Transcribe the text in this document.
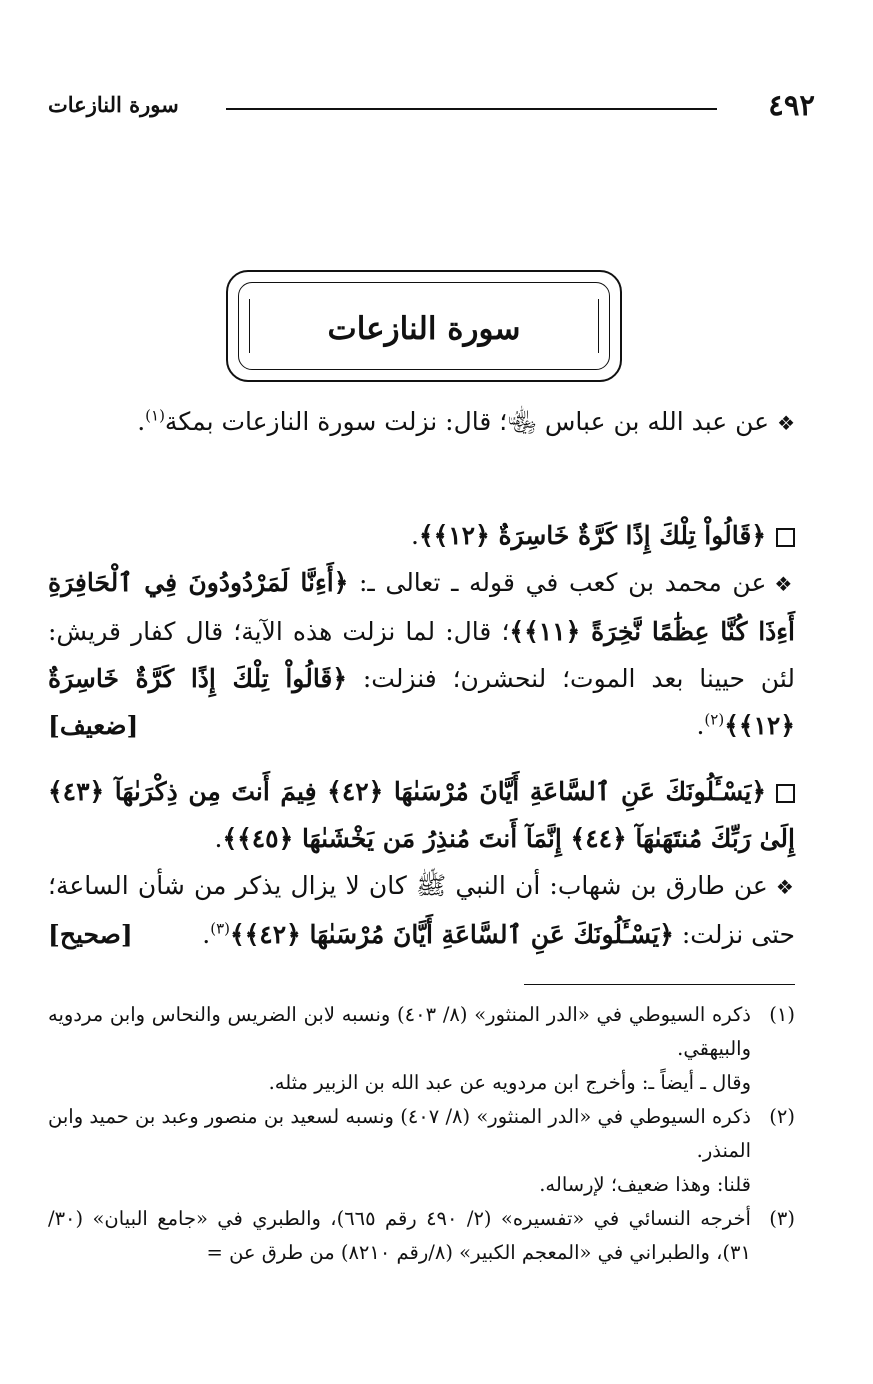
سورة النازعات	٤٩٢
سورة النازعات

❖عن عبد الله بن عباس ﵄؛ قال: نزلت سورة النازعات بمكة$^{(١)}$.

﴿قَالُواْ تِلْكَ إِذًا كَرَّةٌ خَاسِرَةٌ ﴿١٢﴾﴾.

❖عن محمد بن كعب في قوله ـ تعالى ـ: ﴿أَءِنَّا لَمَرْدُودُونَ فِي ٱلْحَافِرَةِ أَءِذَا كُنَّا عِظَٰمًا نَّخِرَةً ﴿١١﴾﴾؛ قال: لما نزلت هذه الآية؛ قال كفار قريش: لئن حيينا بعد الموت؛ لنحشرن؛ فنزلت: ﴿قَالُواْ تِلْكَ إِذًا كَرَّةٌ خَاسِرَةٌ ﴿١٢﴾﴾$^{(٢)}$.
[ضعيف]

﴿يَسْـَٔلُونَكَ عَنِ ٱلسَّاعَةِ أَيَّانَ مُرْسَىٰهَا ﴿٤٢﴾ فِيمَ أَنتَ مِن ذِكْرَىٰهَآ ﴿٤٣﴾ إِلَىٰ رَبِّكَ مُنتَهَىٰهَآ ﴿٤٤﴾ إِنَّمَآ أَنتَ مُنذِرُ مَن يَخْشَىٰهَا ﴿٤٥﴾﴾.

❖عن طارق بن شهاب: أن النبي ﷺ كان لا يزال يذكر من شأن الساعة؛ حتى نزلت: ﴿يَسْـَٔلُونَكَ عَنِ ٱلسَّاعَةِ أَيَّانَ مُرْسَىٰهَا ﴿٤٢﴾﴾$^{(٣)}$.
[صحيح]

(١)

ذكره السيوطي في «الدر المنثور» (٨/ ٤٠٣) ونسبه لابن الضريس والنحاس وابن مردويه والبيهقي.

وقال ـ أيضاً ـ: وأخرج ابن مردويه عن عبد الله بن الزبير مثله.

(٢)

ذكره السيوطي في «الدر المنثور» (٨/ ٤٠٧) ونسبه لسعيد بن منصور وعبد بن حميد وابن المنذر.

قلنا: وهذا ضعيف؛ لإرساله.

(٣)

أخرجه النسائي في «تفسيره» (٢/ ٤٩٠ رقم ٦٦٥)، والطبري في «جامع البيان» (٣٠/ ٣١)، والطبراني في «المعجم الكبير» (٨/رقم ٨٢١٠) من طرق عن =
